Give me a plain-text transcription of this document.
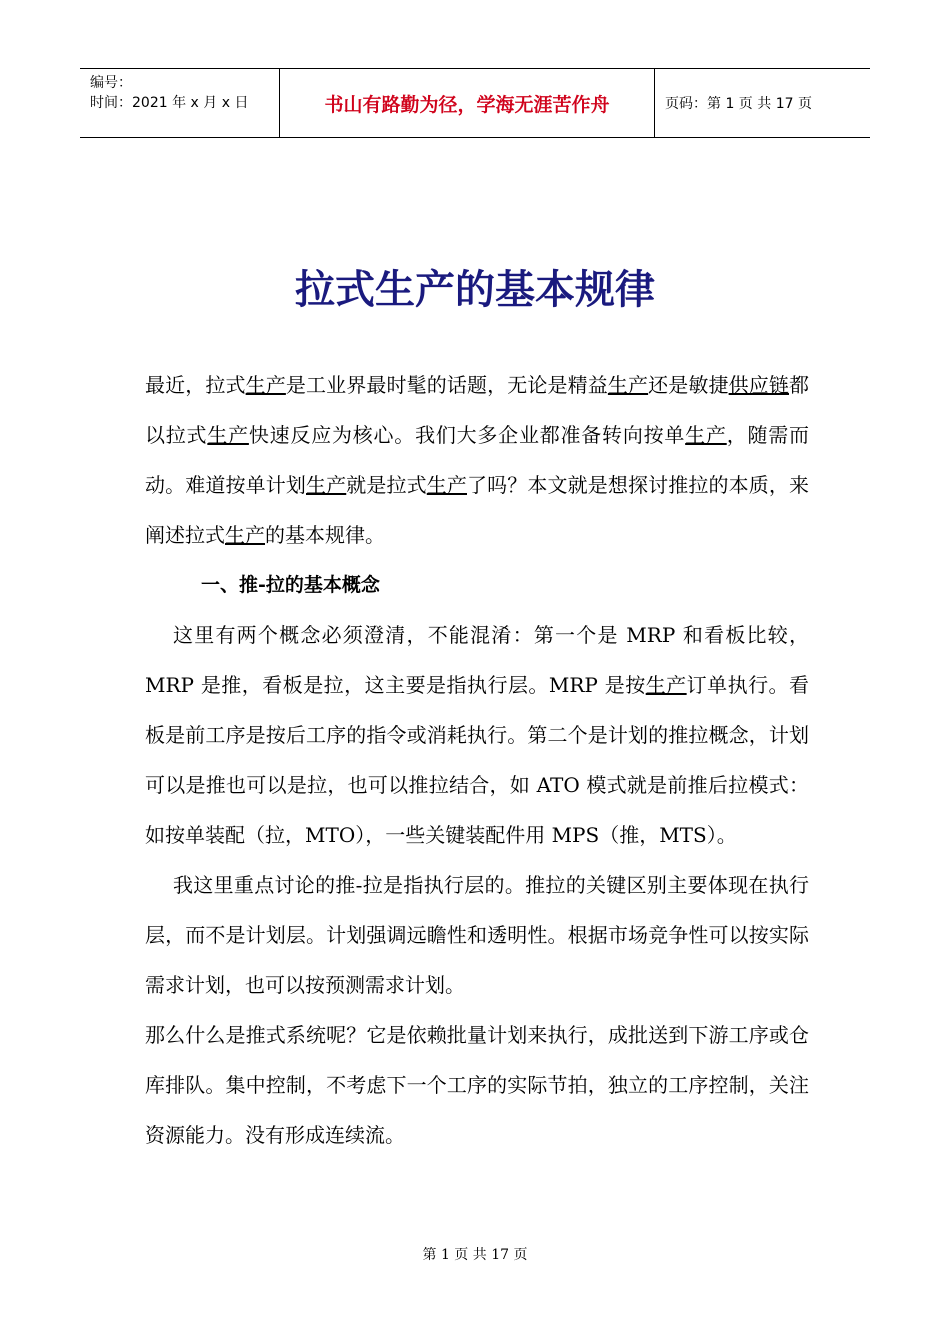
编号：
时间：2021 年 x 月 x 日	书山有路勤为径，学海无涯苦作舟	页码：第 1 页 共 17 页
拉式生产的基本规律

最近，拉式生产是工业界最时髦的话题，无论是精益生产还是敏捷供应链都以拉式生产快速反应为核心。我们大多企业都准备转向按单生产，随需而动。难道按单计划生产就是拉式生产了吗？本文就是想探讨推拉的本质，来阐述拉式生产的基本规律。

一、推-拉的基本概念

这里有两个概念必须澄清，不能混淆：第一个是 MRP 和看板比较，MRP 是推，看板是拉，这主要是指执行层。MRP 是按生产订单执行。看板是前工序是按后工序的指令或消耗执行。第二个是计划的推拉概念，计划可以是推也可以是拉，也可以推拉结合，如 ATO 模式就是前推后拉模式：如按单装配（拉，MTO），一些关键装配件用 MPS（推，MTS）。

我这里重点讨论的推-拉是指执行层的。推拉的关键区别主要体现在执行层，而不是计划层。计划强调远瞻性和透明性。根据市场竞争性可以按实际需求计划，也可以按预测需求计划。

那么什么是推式系统呢？它是依赖批量计划来执行，成批送到下游工序或仓库排队。集中控制，不考虑下一个工序的实际节拍，独立的工序控制，关注资源能力。没有形成连续流。

第 1 页 共 17 页
